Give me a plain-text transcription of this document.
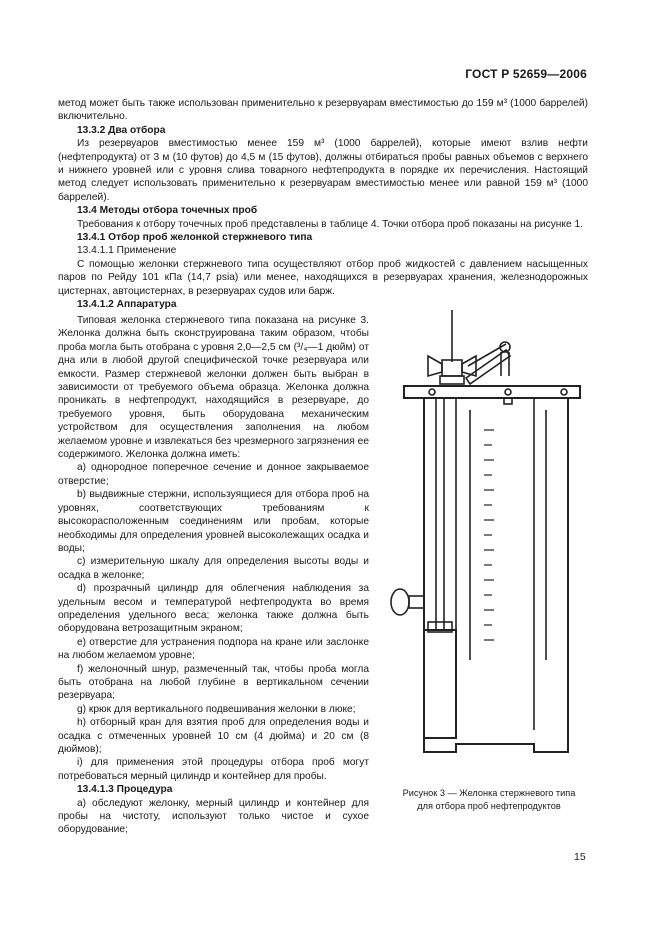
ГОСТ Р 52659—2006

метод может быть также использован применительно к резервуарам вместимостью до 159 м³ (1000 баррелей) включительно.

13.3.2 Два отбора

Из резервуаров вместимостью менее 159 м³ (1000 баррелей), которые имеют взлив нефти (нефтепродукта) от 3 м (10 футов) до 4,5 м (15 футов), должны отбираться пробы равных объемов с верхнего и нижнего уровней или с уровня слива товарного нефтепродукта в порядке их перечисления. Настоящий метод следует использовать применительно к резервуарам вместимостью менее или равной 159 м³ (1000 баррелей).

13.4 Методы отбора точечных проб

Требования к отбору точечных проб представлены в таблице 4. Точки отбора проб показаны на рисунке 1.

13.4.1 Отбор проб желонкой стержневого типа

13.4.1.1 Применение

С помощью желонки стержневого типа осуществляют отбор проб жидкостей с давлением насыщенных паров по Рейду 101 кПа (14,7 psia) или менее, находящихся в резервуарах хранения, железнодорожных цистернах, автоцистернах, в резервуарах судов или барж.

13.4.1.2 Аппаратура

Типовая желонка стержневого типа показана на рисунке 3. Желонка должна быть сконструирована таким образом, чтобы проба могла быть отобрана с уровня 2,0—2,5 см (³/₄—1 дюйм) от дна или в любой другой специфической точке резервуара или емкости. Размер стержневой желонки должен быть выбран в зависимости от требуемого объема образца. Желонка должна проникать в нефтепродукт, находящийся в резервуаре, до требуемого уровня, быть оборудована механическим устройством для осуществления заполнения на любом желаемом уровне и извлекаться без чрезмерного загрязнения ее содержимого. Желонка должна иметь:

а) однородное поперечное сечение и донное закрываемое отверстие;

b) выдвижные стержни, используящиеся для отбора проб на уровнях, соответствующих требованиям к высокорасположенным соединениям или пробам, которые необходимы для определения уровней высоколежащих осадка и воды;

c) измерительную шкалу для определения высоты воды и осадка в желонке;

d) прозрачный цилиндр для облегчения наблюдения за удельным весом и температурой нефтепродукта во время определения удельного веса; желонка также должна быть оборудована ветрозащитным экраном;

e) отверстие для устранения подпора на кране или заслонке на любом желаемом уровне;

f) желоночный шнур, размеченный так, чтобы проба могла быть отобрана на любой глубине в вертикальном сечении резервуара;

g) крюк для вертикального подвешивания желонки в люке;

h) отборный кран для взятия проб для определения воды и осадка с отмеченных уровней 10 см (4 дюйма) и 20 см (8 дюймов);

i) для применения этой процедуры отбора проб могут потребоваться мерный цилиндр и контейнер для пробы.

13.4.1.3 Процедура

а) обследуют желонку, мерный цилиндр и контейнер для пробы на чистоту, используют только чистое и сухое оборудование;

Рисунок 3 — Желонка стержневого типа
для отбора проб нефтепродуктов
15
